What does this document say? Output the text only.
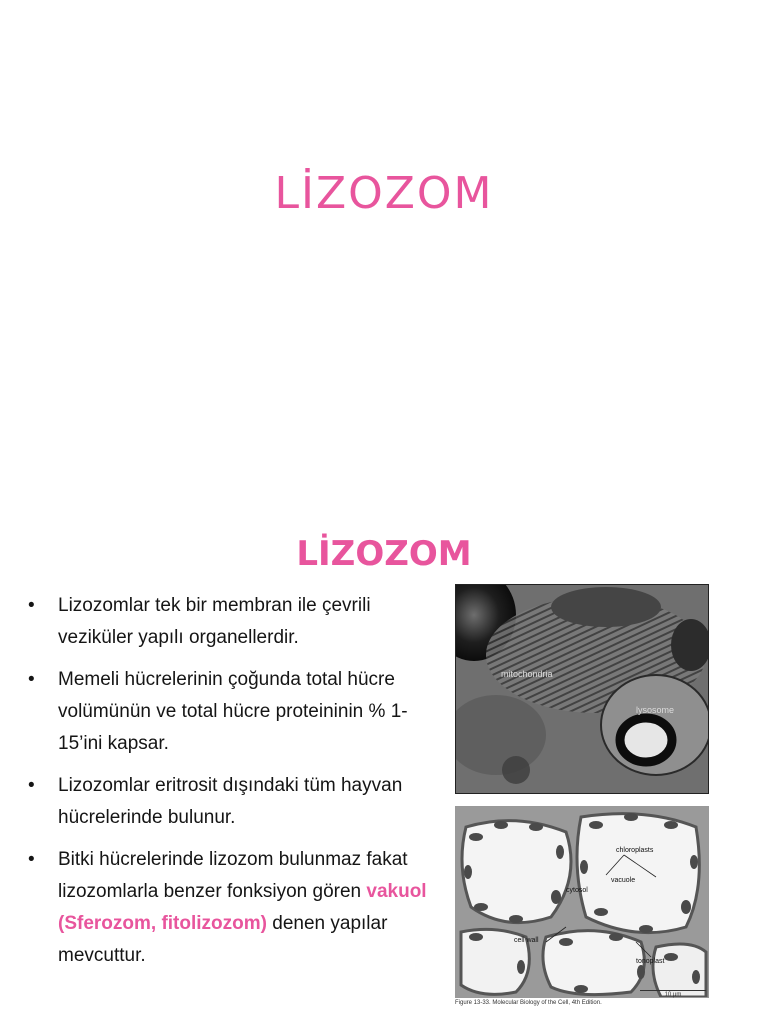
LİZOZOM
LİZOZOM
• Lizozomlar tek bir membran ile çevrili veziküler yapılı organellerdir.
• Memeli hücrelerinin çoğunda total hücre volümünün ve total hücre proteininin % 1-15’ini kapsar.
• Lizozomlar eritrosit dışındaki tüm hayvan hücrelerinde bulunur.
• Bitki hücrelerinde lizozom bulunmaz fakat lizozomlarla benzer fonksiyon gören vakuol (Sferozom, fitolizozom) denen yapılar mevcuttur.
mitochondria
lysosome
chloroplasts
vacuole
cytosol
cell wall
tonoplast
10 μm
Figure 13-33. Molecular Biology of the Cell, 4th Edition.
